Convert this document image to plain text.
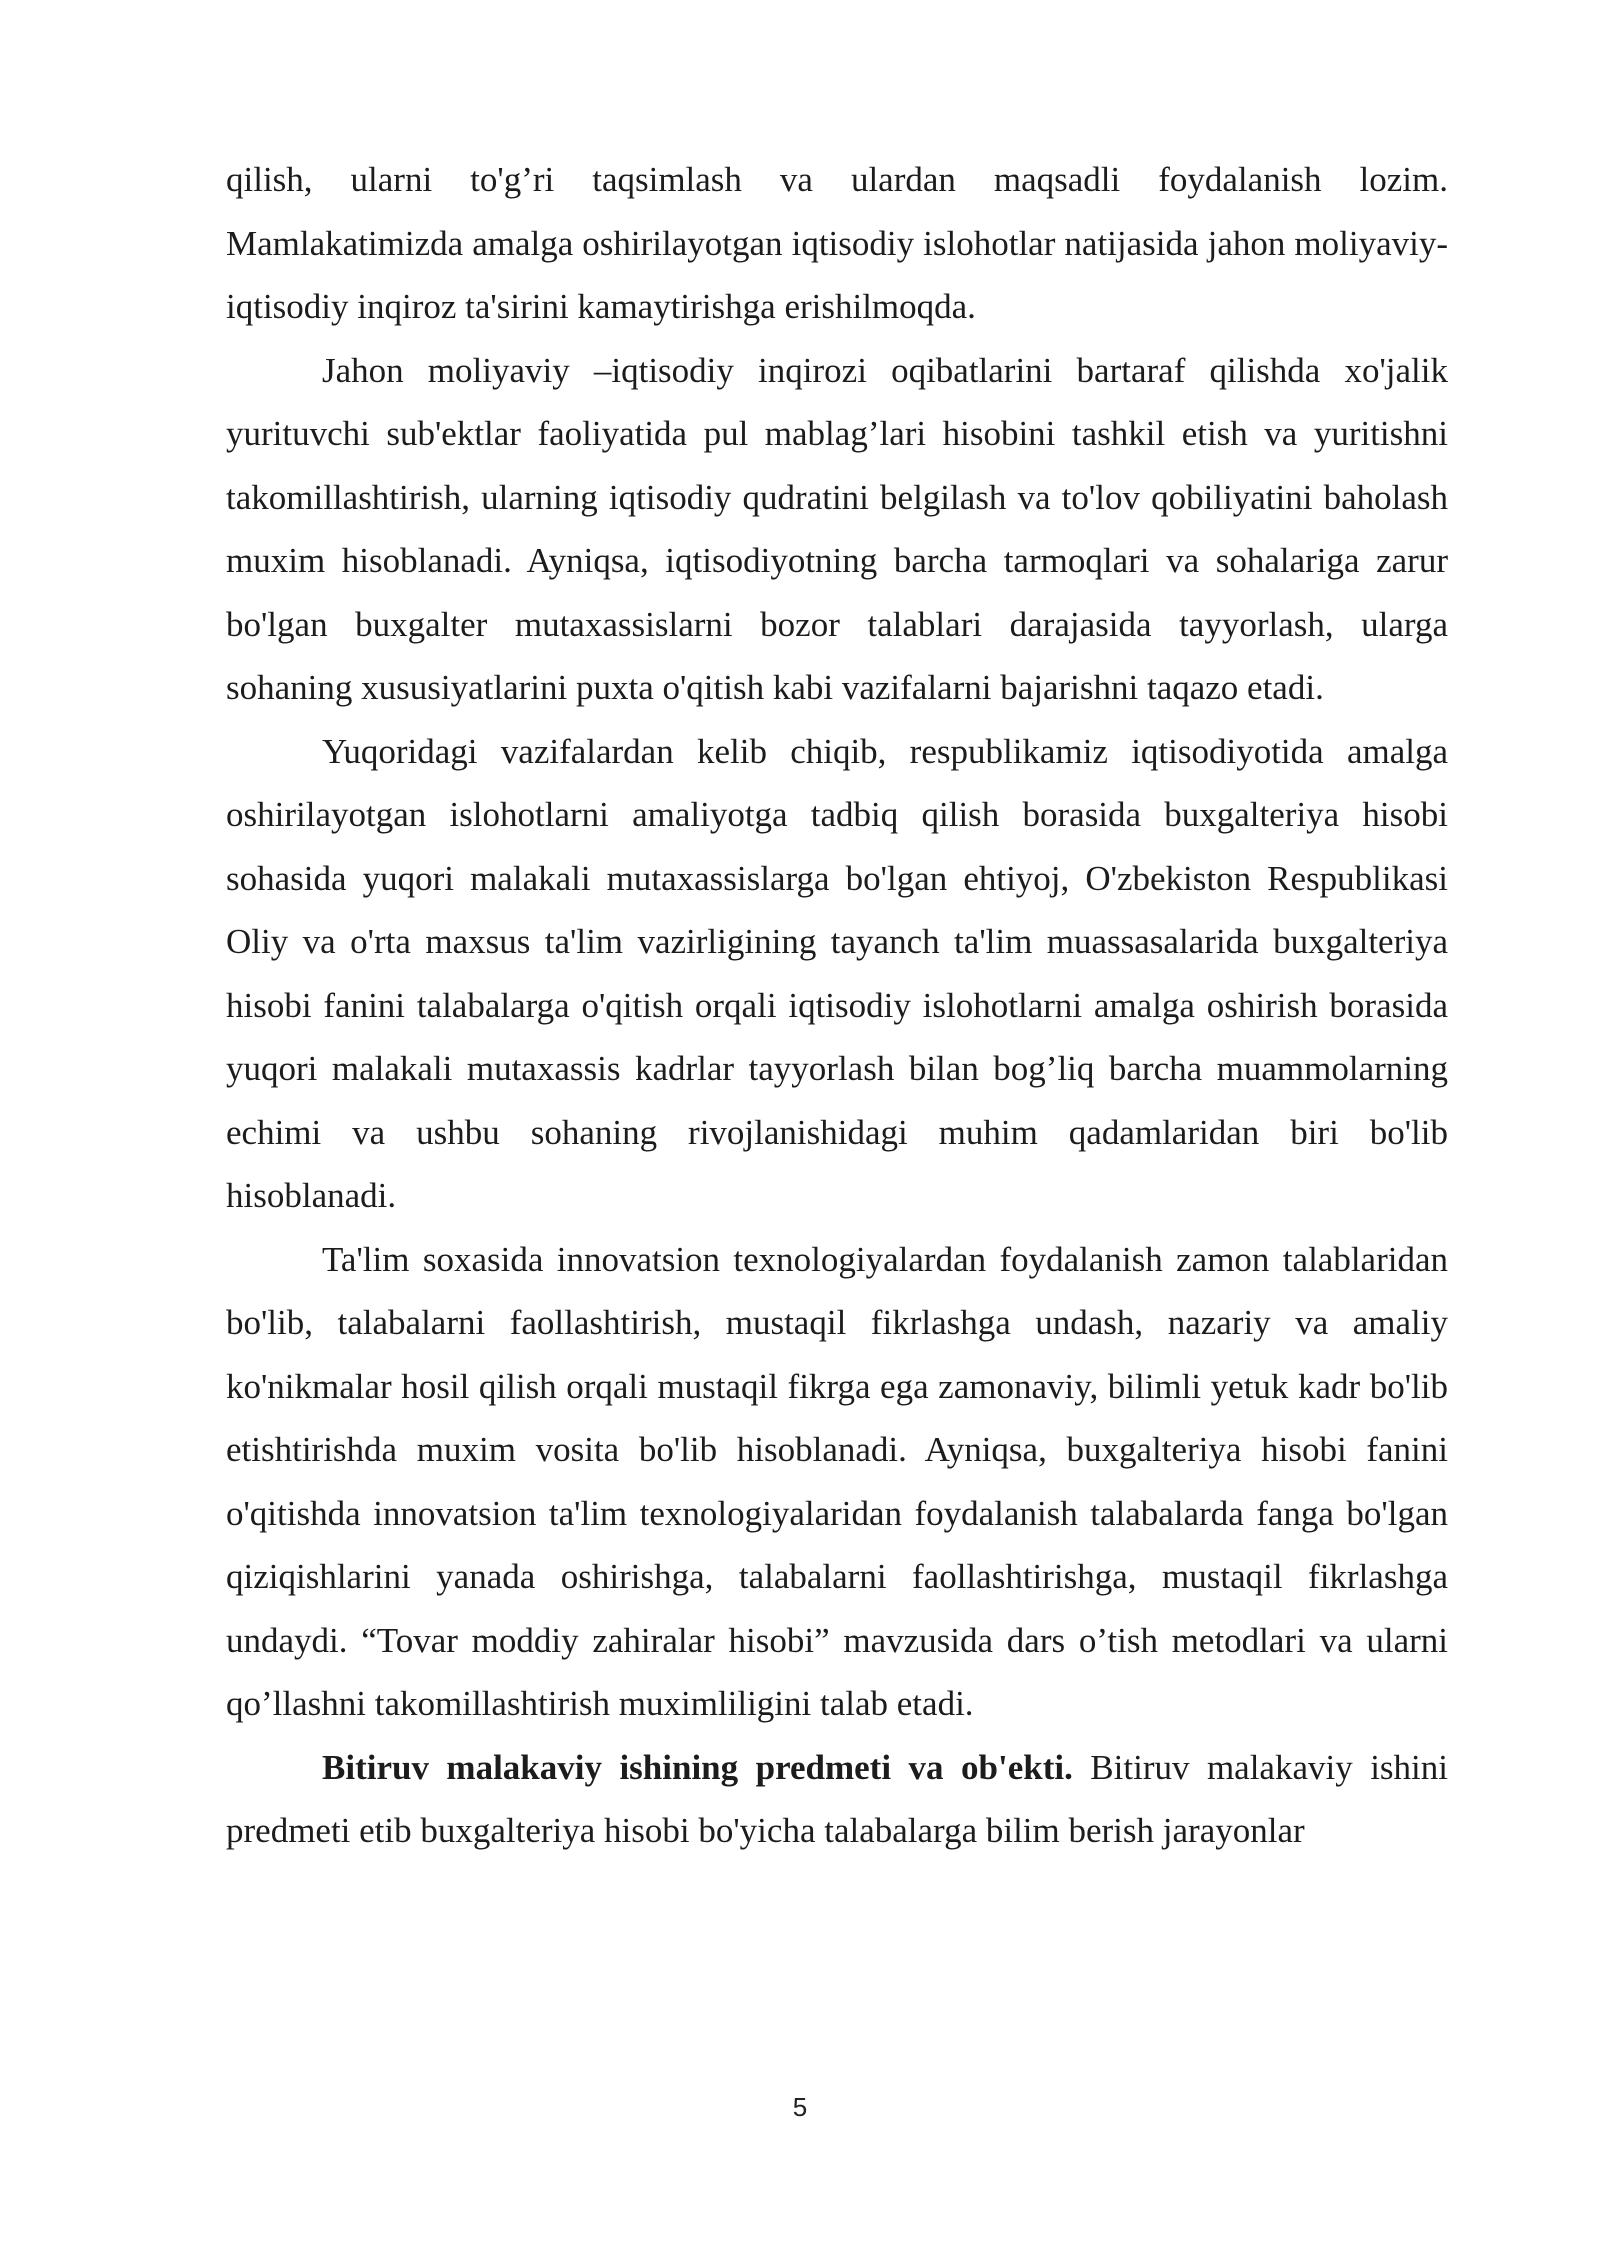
qilish, ularni to'g’ri taqsimlash va ulardan maqsadli foydalanish lozim. Mamlakatimizda amalga oshirilayotgan iqtisodiy islohotlar natijasida jahon moliyaviy-iqtisodiy inqiroz ta'sirini kamaytirishga erishilmoqda.

Jahon moliyaviy –iqtisodiy inqirozi oqibatlarini bartaraf qilishda xo'jalik yurituvchi sub'ektlar faoliyatida pul mablag’lari hisobini tashkil etish va yuritishni takomillashtirish, ularning iqtisodiy qudratini belgilash va to'lov qobiliyatini baholash muxim hisoblanadi. Ayniqsa, iqtisodiyotning barcha tarmoqlari va sohalariga zarur bo'lgan buxgalter mutaxassislarni bozor talablari darajasida tayyorlash, ularga sohaning xususiyatlarini puxta o'qitish kabi vazifalarni bajarishni taqazo etadi.

Yuqoridagi vazifalardan kelib chiqib, respublikamiz iqtisodiyotida amalga oshirilayotgan islohotlarni amaliyotga tadbiq qilish borasida buxgalteriya hisobi sohasida yuqori malakali mutaxassislarga bo'lgan ehtiyoj, O'zbekiston Respublikasi Oliy va o'rta maxsus ta'lim vazirligining tayanch ta'lim muassasalarida buxgalteriya hisobi fanini talabalarga o'qitish orqali iqtisodiy islohotlarni amalga oshirish borasida yuqori malakali mutaxassis kadrlar tayyorlash bilan bog’liq barcha muammolarning echimi va ushbu sohaning rivojlanishidagi muhim qadamlaridan biri bo'lib hisoblanadi.

Ta'lim soxasida innovatsion texnologiyalardan foydalanish zamon talablaridan bo'lib, talabalarni faollashtirish, mustaqil fikrlashga undash, nazariy va amaliy ko'nikmalar hosil qilish orqali mustaqil fikrga ega zamonaviy, bilimli yetuk kadr bo'lib etishtirishda muxim vosita bo'lib hisoblanadi. Ayniqsa, buxgalteriya hisobi fanini o'qitishda innovatsion ta'lim texnologiyalaridan foydalanish talabalarda fanga bo'lgan qiziqishlarini yanada oshirishga, talabalarni faollashtirishga, mustaqil fikrlashga undaydi. “Tovar moddiy zahiralar hisobi” mavzusida dars o’tish metodlari va ularni qo’llashni takomillashtirish muximliligini talab etadi.

Bitiruv malakaviy ishining predmeti va ob'ekti. Bitiruv malakaviy ishini predmeti etib buxgalteriya hisobi bo'yicha talabalarga bilim berish jarayonlar

5
